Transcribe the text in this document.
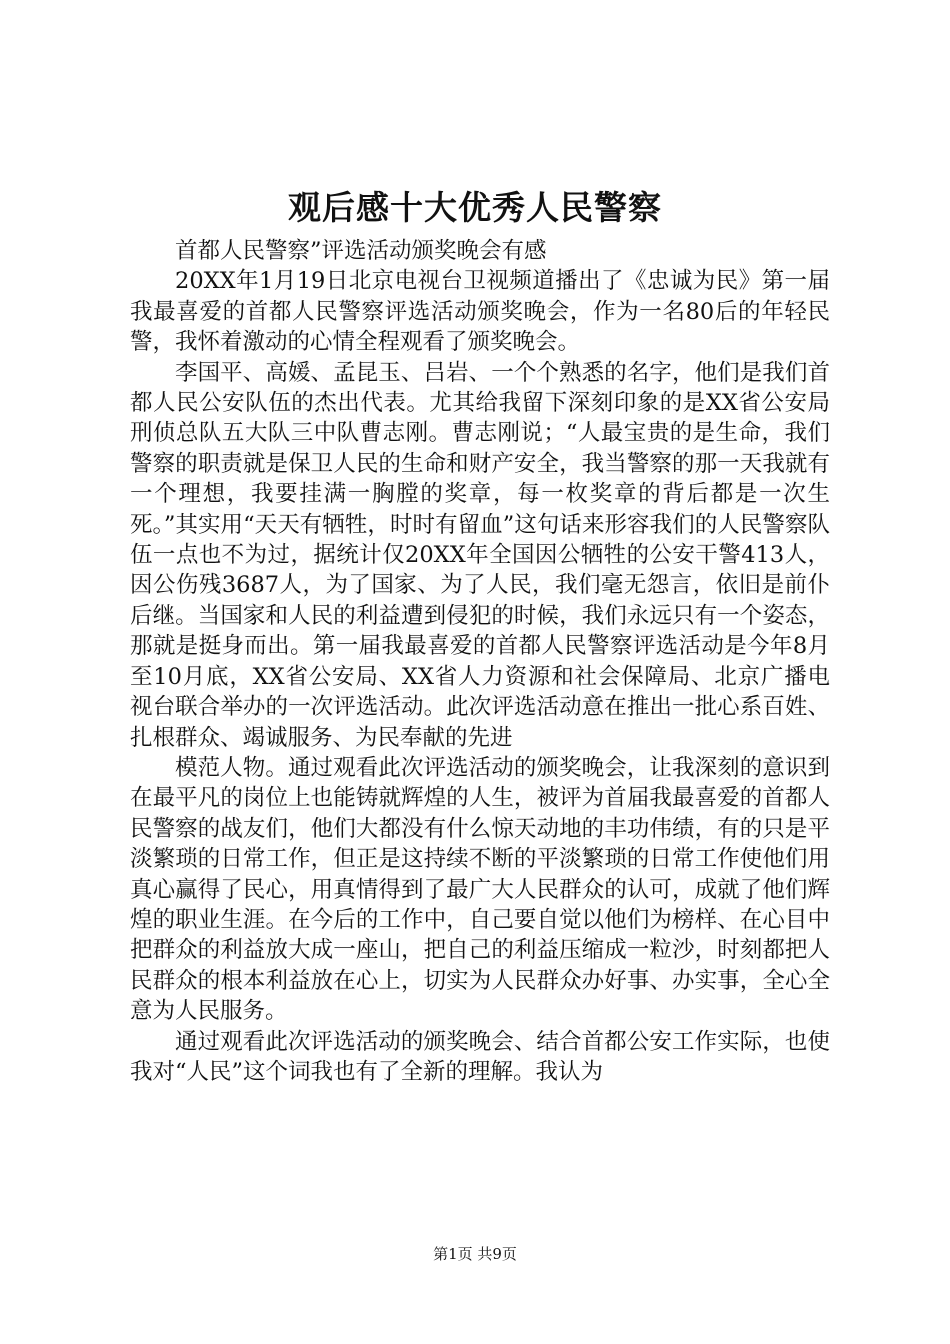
观后感十大优秀人民警察

首都人民警察”评选活动颁奖晚会有感

20XX年1月19日北京电视台卫视频道播出了《忠诚为民》第一届我最喜爱的首都人民警察评选活动颁奖晚会，作为一名80后的年轻民警，我怀着激动的心情全程观看了颁奖晚会。

李国平、高媛、孟昆玉、吕岩、一个个熟悉的名字，他们是我们首都人民公安队伍的杰出代表。尤其给我留下深刻印象的是XX省公安局刑侦总队五大队三中队曹志刚。曹志刚说；“人最宝贵的是生命，我们警察的职责就是保卫人民的生命和财产安全，我当警察的那一天我就有一个理想，我要挂满一胸膛的奖章，每一枚奖章的背后都是一次生死。”其实用“天天有牺牲，时时有留血”这句话来形容我们的人民警察队伍一点也不为过，据统计仅20XX年全国因公牺牲的公安干警413人，因公伤残3687人，为了国家、为了人民，我们毫无怨言，依旧是前仆后继。当国家和人民的利益遭到侵犯的时候，我们永远只有一个姿态，那就是挺身而出。第一届我最喜爱的首都人民警察评选活动是今年8月至10月底，XX省公安局、XX省人力资源和社会保障局、北京广播电视台联合举办的一次评选活动。此次评选活动意在推出一批心系百姓、扎根群众、竭诚服务、为民奉献的先进

模范人物。通过观看此次评选活动的颁奖晚会，让我深刻的意识到在最平凡的岗位上也能铸就辉煌的人生，被评为首届我最喜爱的首都人民警察的战友们，他们大都没有什么惊天动地的丰功伟绩，有的只是平淡繁琐的日常工作，但正是这持续不断的平淡繁琐的日常工作使他们用真心赢得了民心，用真情得到了最广大人民群众的认可，成就了他们辉煌的职业生涯。在今后的工作中，自己要自觉以他们为榜样、在心目中把群众的利益放大成一座山，把自己的利益压缩成一粒沙，时刻都把人民群众的根本利益放在心上，切实为人民群众办好事、办实事，全心全意为人民服务。

通过观看此次评选活动的颁奖晚会、结合首都公安工作实际，也使我对“人民”这个词我也有了全新的理解。我认为

第1页 共9页
